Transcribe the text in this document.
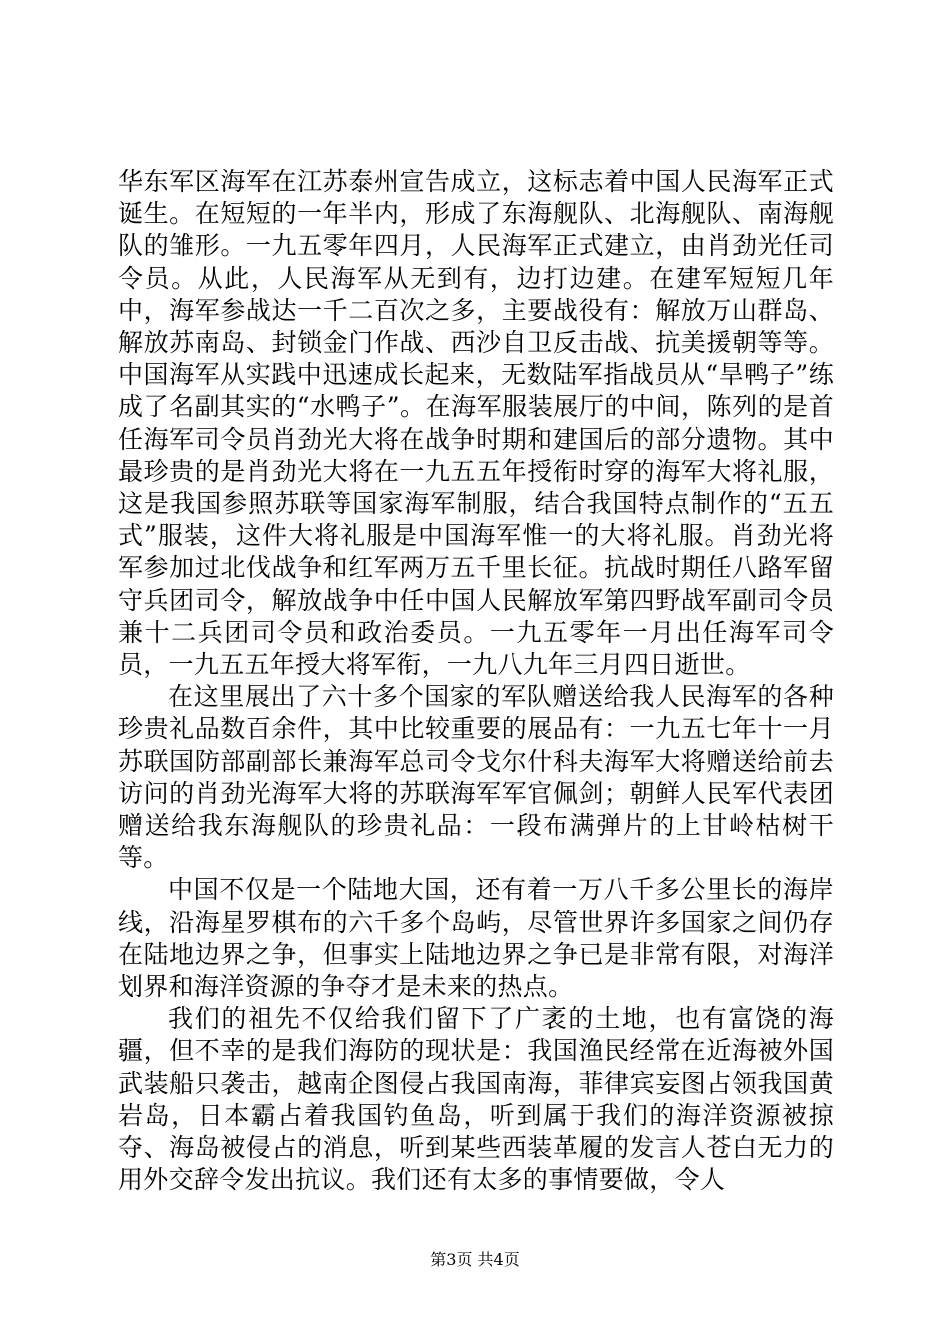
华东军区海军在江苏泰州宣告成立，这标志着中国人民海军正式诞生。在短短的一年半内，形成了东海舰队、北海舰队、南海舰队的雏形。一九五零年四月，人民海军正式建立，由肖劲光任司令员。从此，人民海军从无到有，边打边建。在建军短短几年中，海军参战达一千二百次之多，主要战役有：解放万山群岛、解放苏南岛、封锁金门作战、西沙自卫反击战、抗美援朝等等。中国海军从实践中迅速成长起来，无数陆军指战员从“旱鸭子”练成了名副其实的“水鸭子”。在海军服装展厅的中间，陈列的是首任海军司令员肖劲光大将在战争时期和建国后的部分遗物。其中最珍贵的是肖劲光大将在一九五五年授衔时穿的海军大将礼服，这是我国参照苏联等国家海军制服，结合我国特点制作的“五五式”服装，这件大将礼服是中国海军惟一的大将礼服。肖劲光将军参加过北伐战争和红军两万五千里长征。抗战时期任八路军留守兵团司令，解放战争中任中国人民解放军第四野战军副司令员兼十二兵团司令员和政治委员。一九五零年一月出任海军司令员，一九五五年授大将军衔，一九八九年三月四日逝世。

在这里展出了六十多个国家的军队赠送给我人民海军的各种珍贵礼品数百余件，其中比较重要的展品有：一九五七年十一月苏联国防部副部长兼海军总司令戈尔什科夫海军大将赠送给前去访问的肖劲光海军大将的苏联海军军官佩剑；朝鲜人民军代表团赠送给我东海舰队的珍贵礼品：一段布满弹片的上甘岭枯树干等。

中国不仅是一个陆地大国，还有着一万八千多公里长的海岸线，沿海星罗棋布的六千多个岛屿，尽管世界许多国家之间仍存在陆地边界之争，但事实上陆地边界之争已是非常有限，对海洋划界和海洋资源的争夺才是未来的热点。

我们的祖先不仅给我们留下了广袤的土地，也有富饶的海疆，但不幸的是我们海防的现状是：我国渔民经常在近海被外国武装船只袭击，越南企图侵占我国南海，菲律宾妄图占领我国黄岩岛，日本霸占着我国钓鱼岛，听到属于我们的海洋资源被掠夺、海岛被侵占的消息，听到某些西装革履的发言人苍白无力的用外交辞令发出抗议。我们还有太多的事情要做，令人

第3页 共4页
